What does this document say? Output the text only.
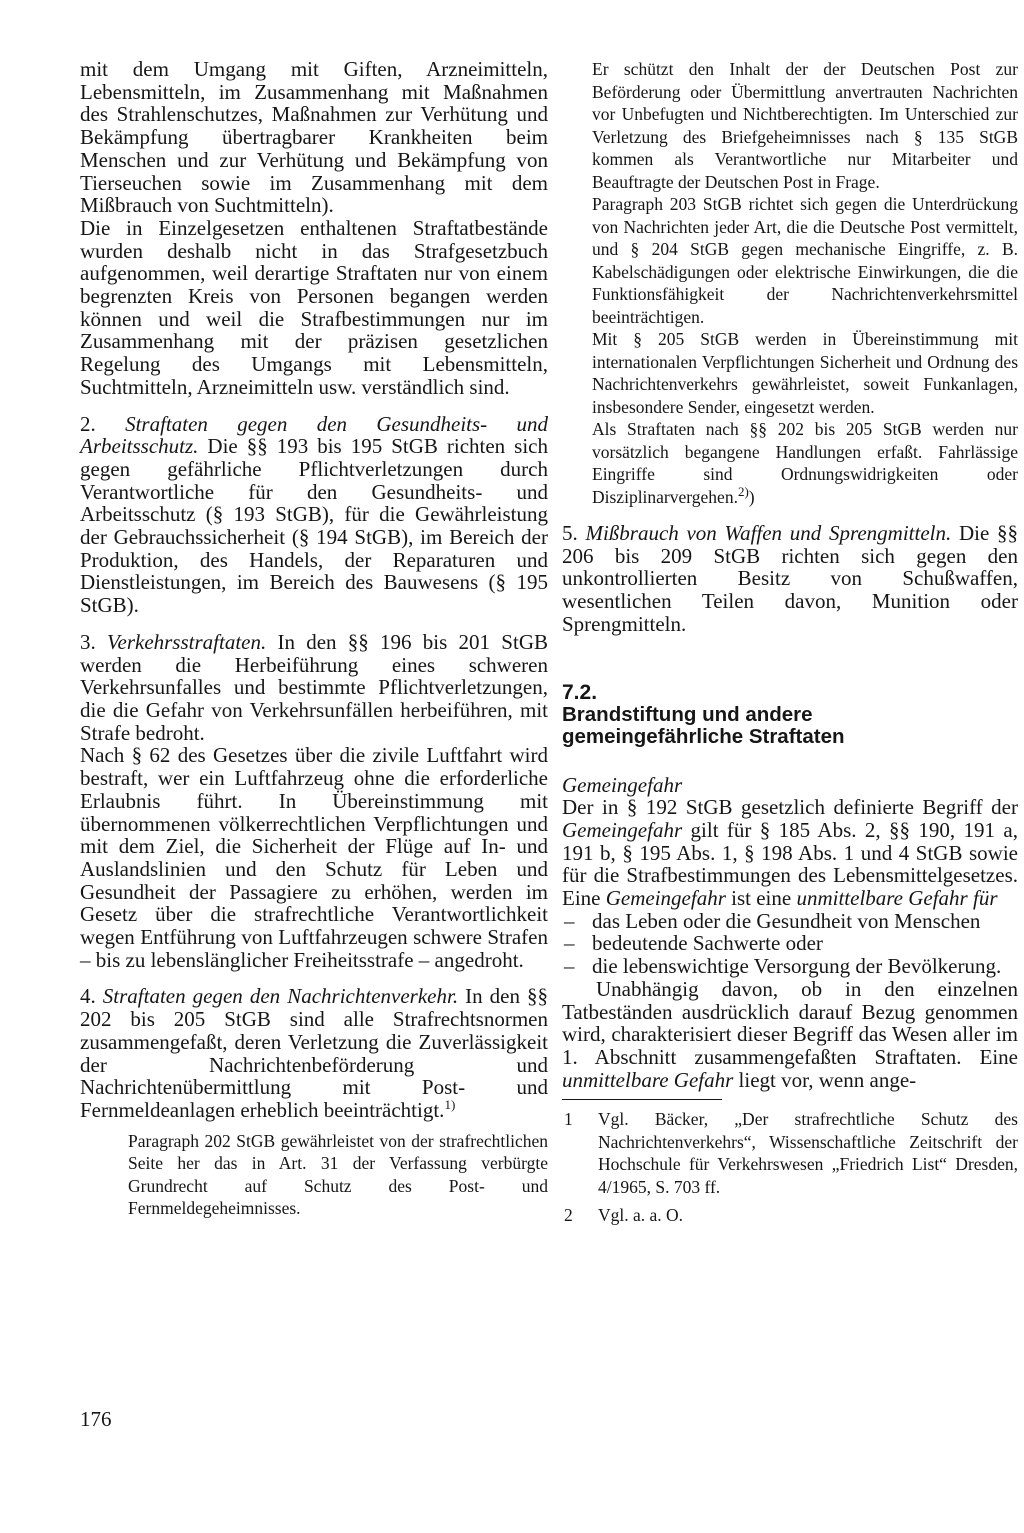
mit dem Umgang mit Giften, Arzneimitteln, Lebensmitteln, im Zusammenhang mit Maßnahmen des Strahlenschutzes, Maßnahmen zur Verhütung und Bekämpfung übertragbarer Krankheiten beim Menschen und zur Verhütung und Bekämpfung von Tierseuchen sowie im Zusammenhang mit dem Mißbrauch von Suchtmitteln).

Die in Einzelgesetzen enthaltenen Straftatbestände wurden deshalb nicht in das Strafgesetzbuch aufgenommen, weil derartige Straftaten nur von einem begrenzten Kreis von Personen begangen werden können und weil die Strafbestimmungen nur im Zusammenhang mit der präzisen gesetzlichen Regelung des Umgangs mit Lebensmitteln, Suchtmitteln, Arzneimitteln usw. verständlich sind.

2. Straftaten gegen den Gesundheits- und Arbeitsschutz. Die §§ 193 bis 195 StGB richten sich gegen gefährliche Pflichtverletzungen durch Verantwortliche für den Gesundheits- und Arbeitsschutz (§ 193 StGB), für die Gewährleistung der Gebrauchssicherheit (§ 194 StGB), im Bereich der Produktion, des Handels, der Reparaturen und Dienstleistungen, im Bereich des Bauwesens (§ 195 StGB).

3. Verkehrsstraftaten. In den §§ 196 bis 201 StGB werden die Herbeiführung eines schweren Verkehrsunfalles und bestimmte Pflichtverletzungen, die die Gefahr von Verkehrsunfällen herbeiführen, mit Strafe bedroht.

Nach § 62 des Gesetzes über die zivile Luftfahrt wird bestraft, wer ein Luftfahrzeug ohne die erforderliche Erlaubnis führt. In Übereinstimmung mit übernommenen völkerrechtlichen Verpflichtungen und mit dem Ziel, die Sicherheit der Flüge auf In- und Auslandslinien und den Schutz für Leben und Gesundheit der Passagiere zu erhöhen, werden im Gesetz über die strafrechtliche Verantwortlichkeit wegen Entführung von Luftfahrzeugen schwere Strafen – bis zu lebenslänglicher Freiheitsstrafe – angedroht.

4. Straftaten gegen den Nachrichtenverkehr. In den §§ 202 bis 205 StGB sind alle Strafrechtsnormen zusammengefaßt, deren Verletzung die Zuverlässigkeit der Nachrichtenbeförderung und Nachrichtenübermittlung mit Post- und Fernmeldeanlagen erheblich beeinträchtigt.$^{1)}$

Paragraph 202 StGB gewährleistet von der strafrechtlichen Seite her das in Art. 31 der Verfassung verbürgte Grundrecht auf Schutz des Post- und Fernmeldegeheimnisses.

Er schützt den Inhalt der der Deutschen Post zur Beförderung oder Übermittlung anvertrauten Nachrichten vor Unbefugten und Nichtberechtigten. Im Unterschied zur Verletzung des Briefgeheimnisses nach § 135 StGB kommen als Verantwortliche nur Mitarbeiter und Beauftragte der Deutschen Post in Frage.

Paragraph 203 StGB richtet sich gegen die Unterdrückung von Nachrichten jeder Art, die die Deutsche Post vermittelt, und § 204 StGB gegen mechanische Eingriffe, z. B. Kabelschädigungen oder elektrische Einwirkungen, die die Funktionsfähigkeit der Nachrichtenverkehrsmittel beeinträchtigen.

Mit § 205 StGB werden in Übereinstimmung mit internationalen Verpflichtungen Sicherheit und Ordnung des Nachrichtenverkehrs gewährleistet, soweit Funkanlagen, insbesondere Sender, eingesetzt werden.

Als Straftaten nach §§ 202 bis 205 StGB werden nur vorsätzlich begangene Handlungen erfaßt. Fahrlässige Eingriffe sind Ordnungswidrigkeiten oder Disziplinarvergehen.$^{2)}$)

5. Mißbrauch von Waffen und Sprengmitteln. Die §§ 206 bis 209 StGB richten sich gegen den unkontrollierten Besitz von Schußwaffen, wesentlichen Teilen davon, Munition oder Sprengmitteln.

7.2.
Brandstiftung und andere
gemeingefährliche Straftaten

Gemeingefahr

Der in § 192 StGB gesetzlich definierte Begriff der Gemeingefahr gilt für § 185 Abs. 2, §§ 190, 191 a, 191 b, § 195 Abs. 1, § 198 Abs. 1 und 4 StGB sowie für die Strafbestimmungen des Lebensmittelgesetzes. Eine Gemeingefahr ist eine unmittelbare Gefahr für

– das Leben oder die Gesundheit von Menschen
– bedeutende Sachwerte oder
– die lebenswichtige Versorgung der Bevölkerung.

Unabhängig davon, ob in den einzelnen Tatbeständen ausdrücklich darauf Bezug genommen wird, charakterisiert dieser Begriff das Wesen aller im 1. Abschnitt zusammengefaßten Straftaten. Eine unmittelbare Gefahr liegt vor, wenn ange-

1 Vgl. Bäcker, „Der strafrechtliche Schutz des Nachrichtenverkehrs“, Wissenschaftliche Zeitschrift der Hochschule für Verkehrswesen „Friedrich List“ Dresden, 4/1965, S. 703 ff.
2 Vgl. a. a. O.
176
